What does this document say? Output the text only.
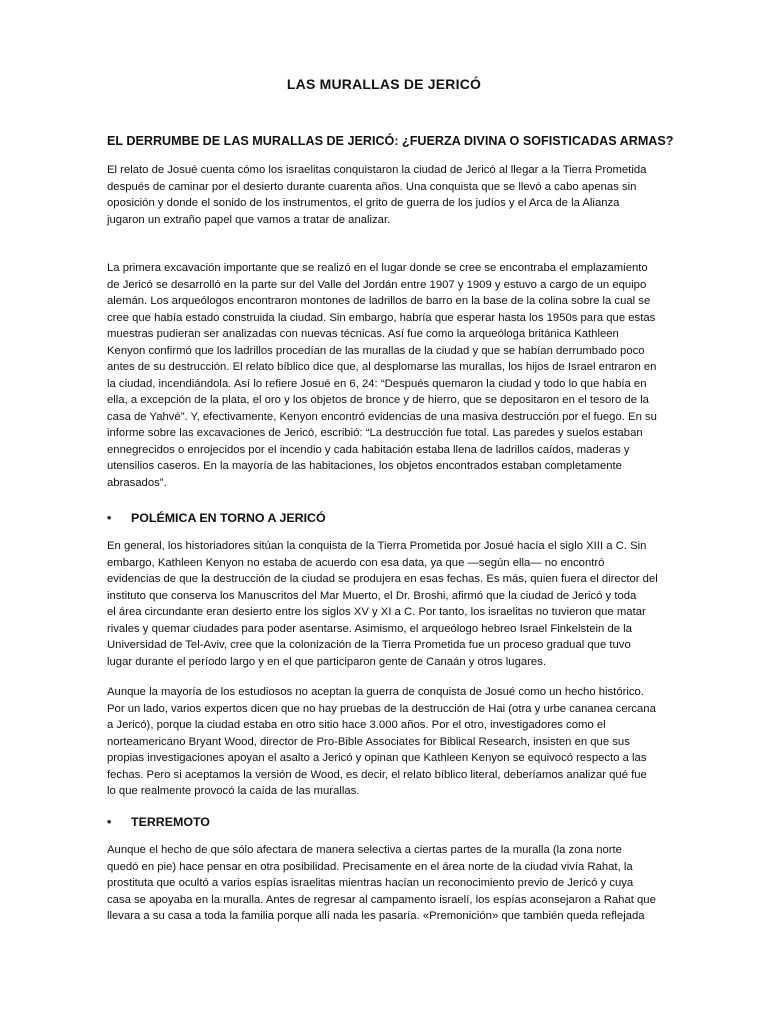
LAS MURALLAS DE JERICÓ
EL DERRUMBE DE LAS MURALLAS DE JERICÓ: ¿FUERZA DIVINA O SOFISTICADAS ARMAS?
El relato de Josué cuenta cómo los israelitas conquistaron la ciudad de Jericó al llegar a la Tierra Prometida
después de caminar por el desierto durante cuarenta años. Una conquista que se llevó a cabo apenas sin
oposición y donde el sonido de los instrumentos, el grito de guerra de los judíos y el Arca de la Alianza
jugaron un extraño papel que vamos a tratar de analizar.
La primera excavación importante que se realizó en el lugar donde se cree se encontraba el emplazamiento
de Jericó se desarrolló en la parte sur del Valle del Jordán entre 1907 y 1909 y estuvo a cargo de un equipo
alemán. Los arqueólogos encontraron montones de ladrillos de barro en la base de la colina sobre la cual se
cree que había estado construida la ciudad. Sin embargo, habría que esperar hasta los 1950s para que estas
muestras pudieran ser analizadas con nuevas técnicas. Así fue como la arqueóloga británica Kathleen
Kenyon confirmó que los ladrillos procedían de las murallas de la ciudad y que se habían derrumbado poco
antes de su destrucción. El relato bíblico dice que, al desplomarse las murallas, los hijos de Israel entraron en
la ciudad, incendiándola. Así lo refiere Josué en 6, 24: “Después quemaron la ciudad y todo lo que había en
ella, a excepción de la plata, el oro y los objetos de bronce y de hierro, que se depositaron en el tesoro de la
casa de Yahvé”. Y, efectivamente, Kenyon encontró evidencias de una masiva destrucción por el fuego. En su
informe sobre las excavaciones de Jericó, escribió: “La destrucción fue total. Las paredes y suelos estaban
ennegrecidos o enrojecidos por el incendio y cada habitación estaba llena de ladrillos caídos, maderas y
utensilios caseros. En la mayoría de las habitaciones, los objetos encontrados estaban completamente
abrasados”.
• POLÉMICA EN TORNO A JERICÓ
En general, los historiadores sitúan la conquista de la Tierra Prometida por Josué hacía el siglo XIII a C. Sin
embargo, Kathleen Kenyon no estaba de acuerdo con esa data, ya que —según ella— no encontró
evidencias de que la destrucción de la ciudad se produjera en esas fechas. Es más, quien fuera el director del
instituto que conserva los Manuscritos del Mar Muerto, el Dr. Broshi, afirmó que la ciudad de Jericó y toda
el área circundante eran desierto entre los siglos XV y XI a C. Por tanto, los israelitas no tuvieron que matar
rivales y quemar ciudades para poder asentarse. Asimismo, el arqueólogo hebreo Israel Finkelstein de la
Universidad de Tel-Aviv, cree que la colonización de la Tierra Prometida fue un proceso gradual que tuvo
lugar durante el período largo y en el que participaron gente de Canaán y otros lugares.
Aunque la mayoría de los estudiosos no aceptan la guerra de conquista de Josué como un hecho histórico.
Por un lado, varios expertos dicen que no hay pruebas de la destrucción de Hai (otra y urbe cananea cercana
a Jericó), porque la ciudad estaba en otro sitio hace 3.000 años. Por el otro, investigadores como el
norteamericano Bryant Wood, director de Pro-Bible Associates for Biblical Research, insisten en que sus
propias investigaciones apoyan el asalto a Jericó y opinan que Kathleen Kenyon se equivocó respecto a las
fechas. Pero si aceptamos la versión de Wood, es decir, el relato bíblico literal, deberíamos analizar qué fue
lo que realmente provocó la caída de las murallas.
• TERREMOTO
Aunque el hecho de que sólo afectara de manera selectiva a ciertas partes de la muralla (la zona norte
quedó en pie) hace pensar en otra posibilidad. Precisamente en el área norte de la ciudad vivía Rahat, la
prostituta que ocultó a varios espías israelitas mientras hacían un reconocimiento previo de Jericó y cuya
casa se apoyaba en la muralla. Antes de regresar al campamento israelí, los espías aconsejaron a Rahat que
llevara a su casa a toda la familia porque allí nada les pasaría. «Premonición» que también queda reflejada
